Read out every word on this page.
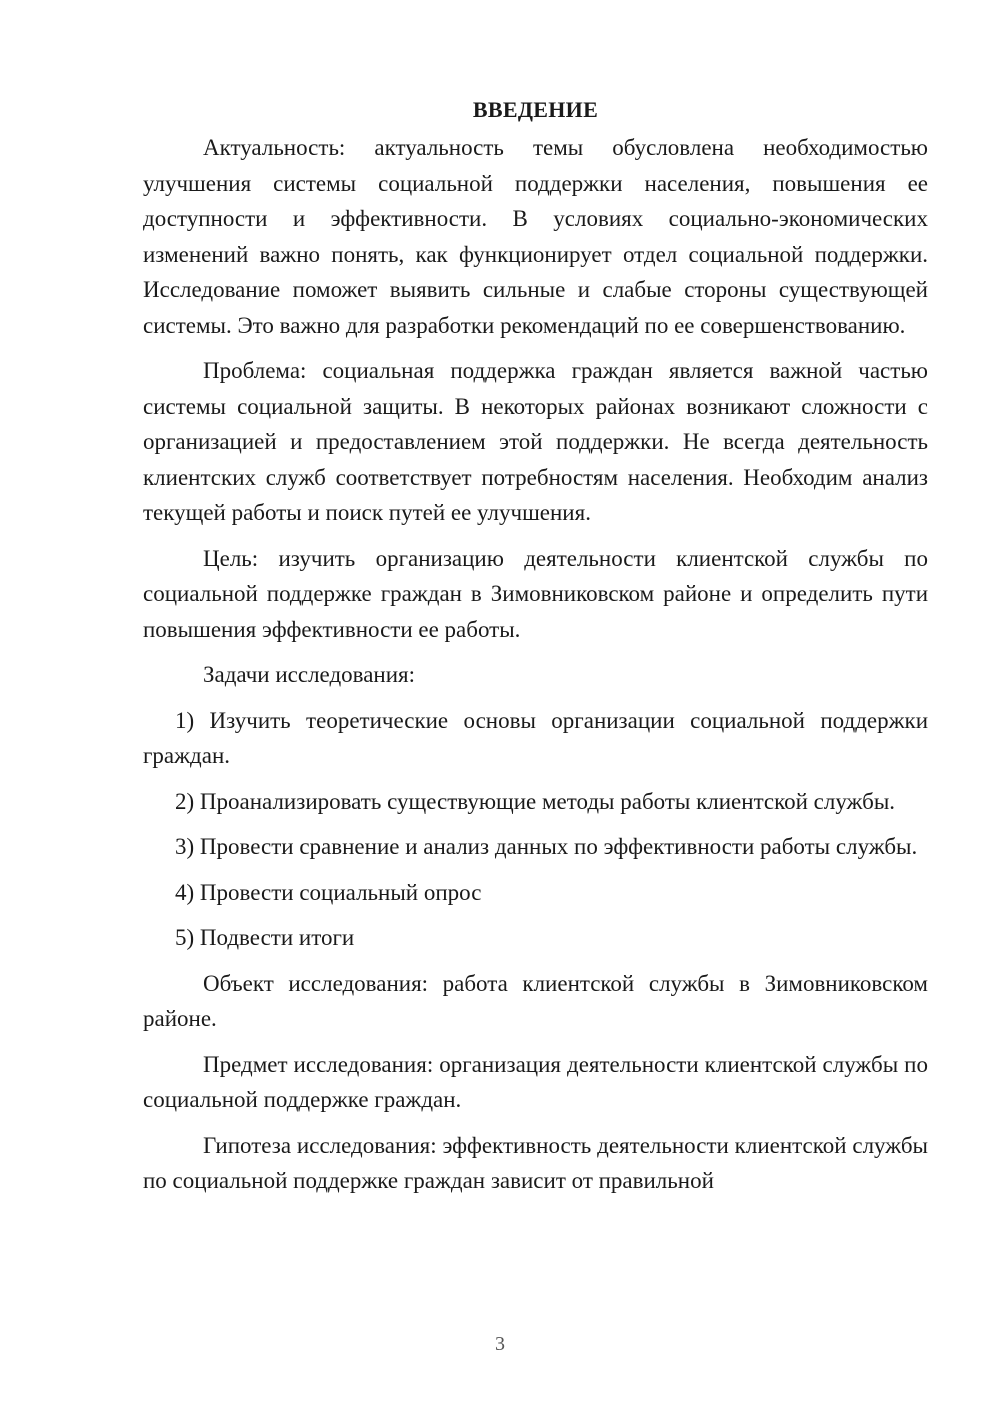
ВВЕДЕНИЕ

Актуальность: актуальность темы обусловлена необходимостью улучшения системы социальной поддержки населения, повышения ее доступности и эффективности. В условиях социально-экономических изменений важно понять, как функционирует отдел социальной поддержки. Исследование поможет выявить сильные и слабые стороны существующей системы. Это важно для разработки рекомендаций по ее совершенствованию.

Проблема: социальная поддержка граждан является важной частью системы социальной защиты. В некоторых районах возникают сложности с организацией и предоставлением этой поддержки. Не всегда деятельность клиентских служб соответствует потребностям населения. Необходим анализ текущей работы и поиск путей ее улучшения.

Цель: изучить организацию деятельности клиентской службы по социальной поддержке граждан в Зимовниковском районе и определить пути повышения эффективности ее работы.

Задачи исследования:

1) Изучить теоретические основы организации социальной поддержки граждан.

2) Проанализировать существующие методы работы клиентской службы.

3) Провести сравнение и анализ данных по эффективности работы службы.

4) Провести социальный опрос

5) Подвести итоги

Объект исследования: работа клиентской службы в Зимовниковском районе.

Предмет исследования: организация деятельности клиентской службы по социальной поддержке граждан.

Гипотеза исследования: эффективность деятельности клиентской службы по социальной поддержке граждан зависит от правильной

3
